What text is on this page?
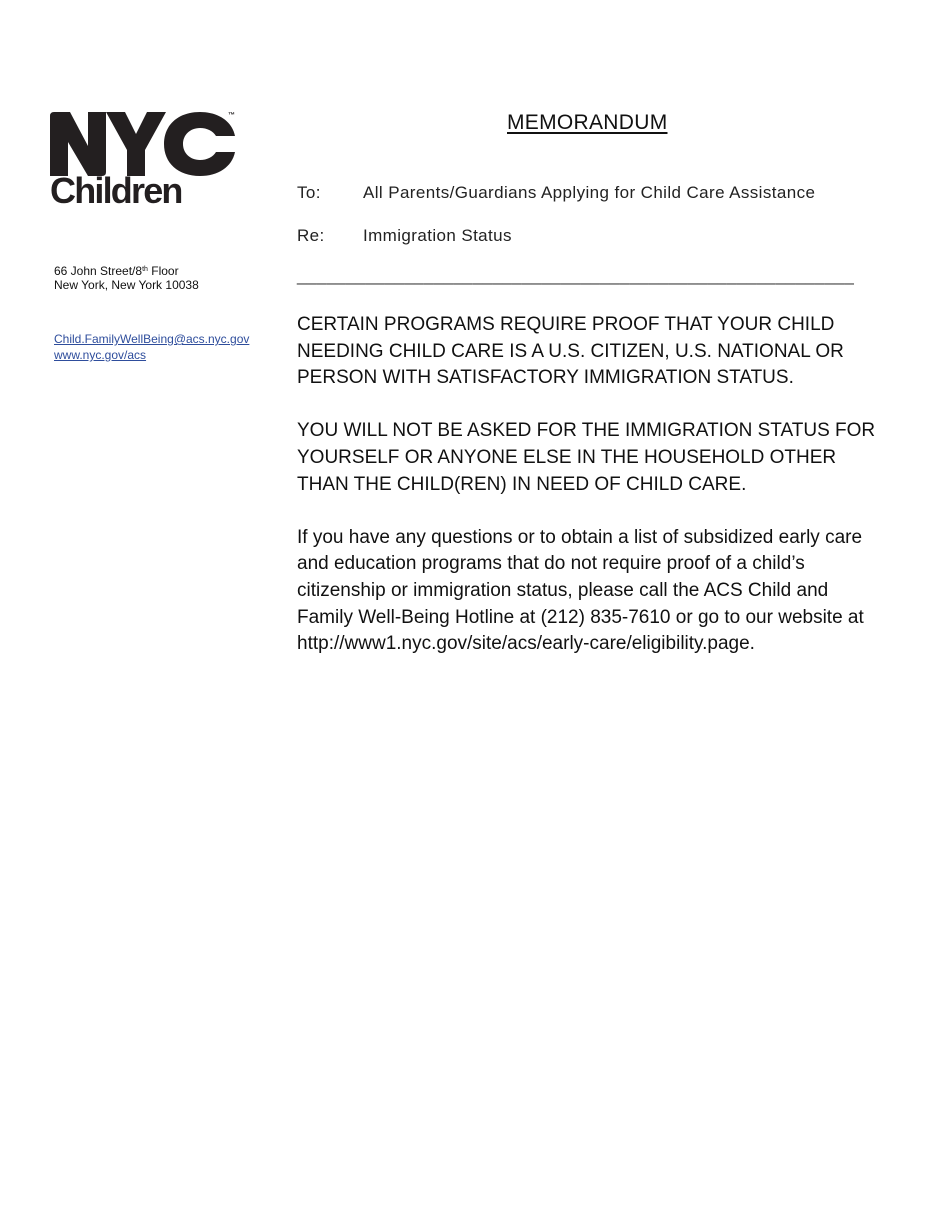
™
Children
66 John Street/8th Floor
New York, New York 10038
Child.FamilyWellBeing@acs.nyc.gov
www.nyc.gov/acs
MEMORANDUM
To: All Parents/Guardians Applying for Child Care Assistance
Re: Immigration Status
_________________________________________________________

CERTAIN PROGRAMS REQUIRE PROOF THAT YOUR CHILD NEEDING CHILD CARE IS A U.S. CITIZEN, U.S. NATIONAL OR PERSON WITH SATISFACTORY IMMIGRATION STATUS.

YOU WILL NOT BE ASKED FOR THE IMMIGRATION STATUS FOR YOURSELF OR ANYONE ELSE IN THE HOUSEHOLD OTHER THAN THE CHILD(REN) IN NEED OF CHILD CARE.

If you have any questions or to obtain a list of subsidized early care and education programs that do not require proof of a child’s citizenship or immigration status, please call the ACS Child and Family Well-Being Hotline at (212) 835-7610 or go to our website at http://www1.nyc.gov/site/acs/early-care/eligibility.page.
